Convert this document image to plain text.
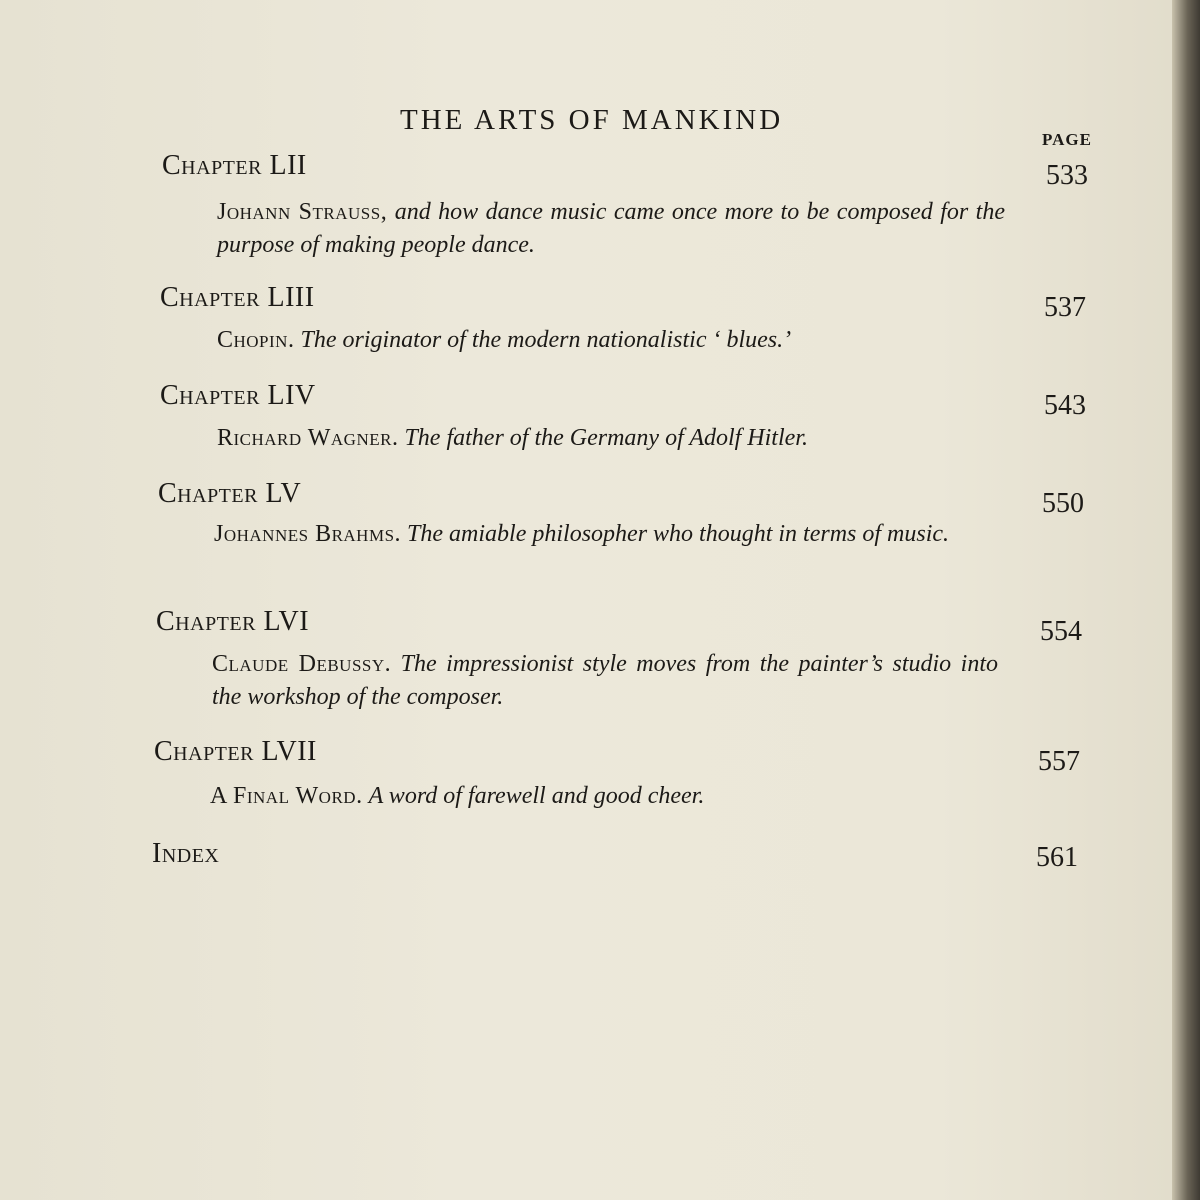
THE ARTS OF MANKIND
PAGE
Chapter LII	533
Johann Strauss, and how dance music came once more to be composed for the purpose of making people dance.
Chapter LIII	537
Chopin. The originator of the modern nationalistic ‘ blues.’
Chapter LIV	543
Richard Wagner. The father of the Germany of Adolf Hitler.
Chapter LV	550
Johannes Brahms. The amiable philosopher who thought in terms of music.
Chapter LVI	554
Claude Debussy. The impressionist style moves from the painter’s studio into the workshop of the composer.
Chapter LVII	557
A Final Word. A word of farewell and good cheer.
Index	561
